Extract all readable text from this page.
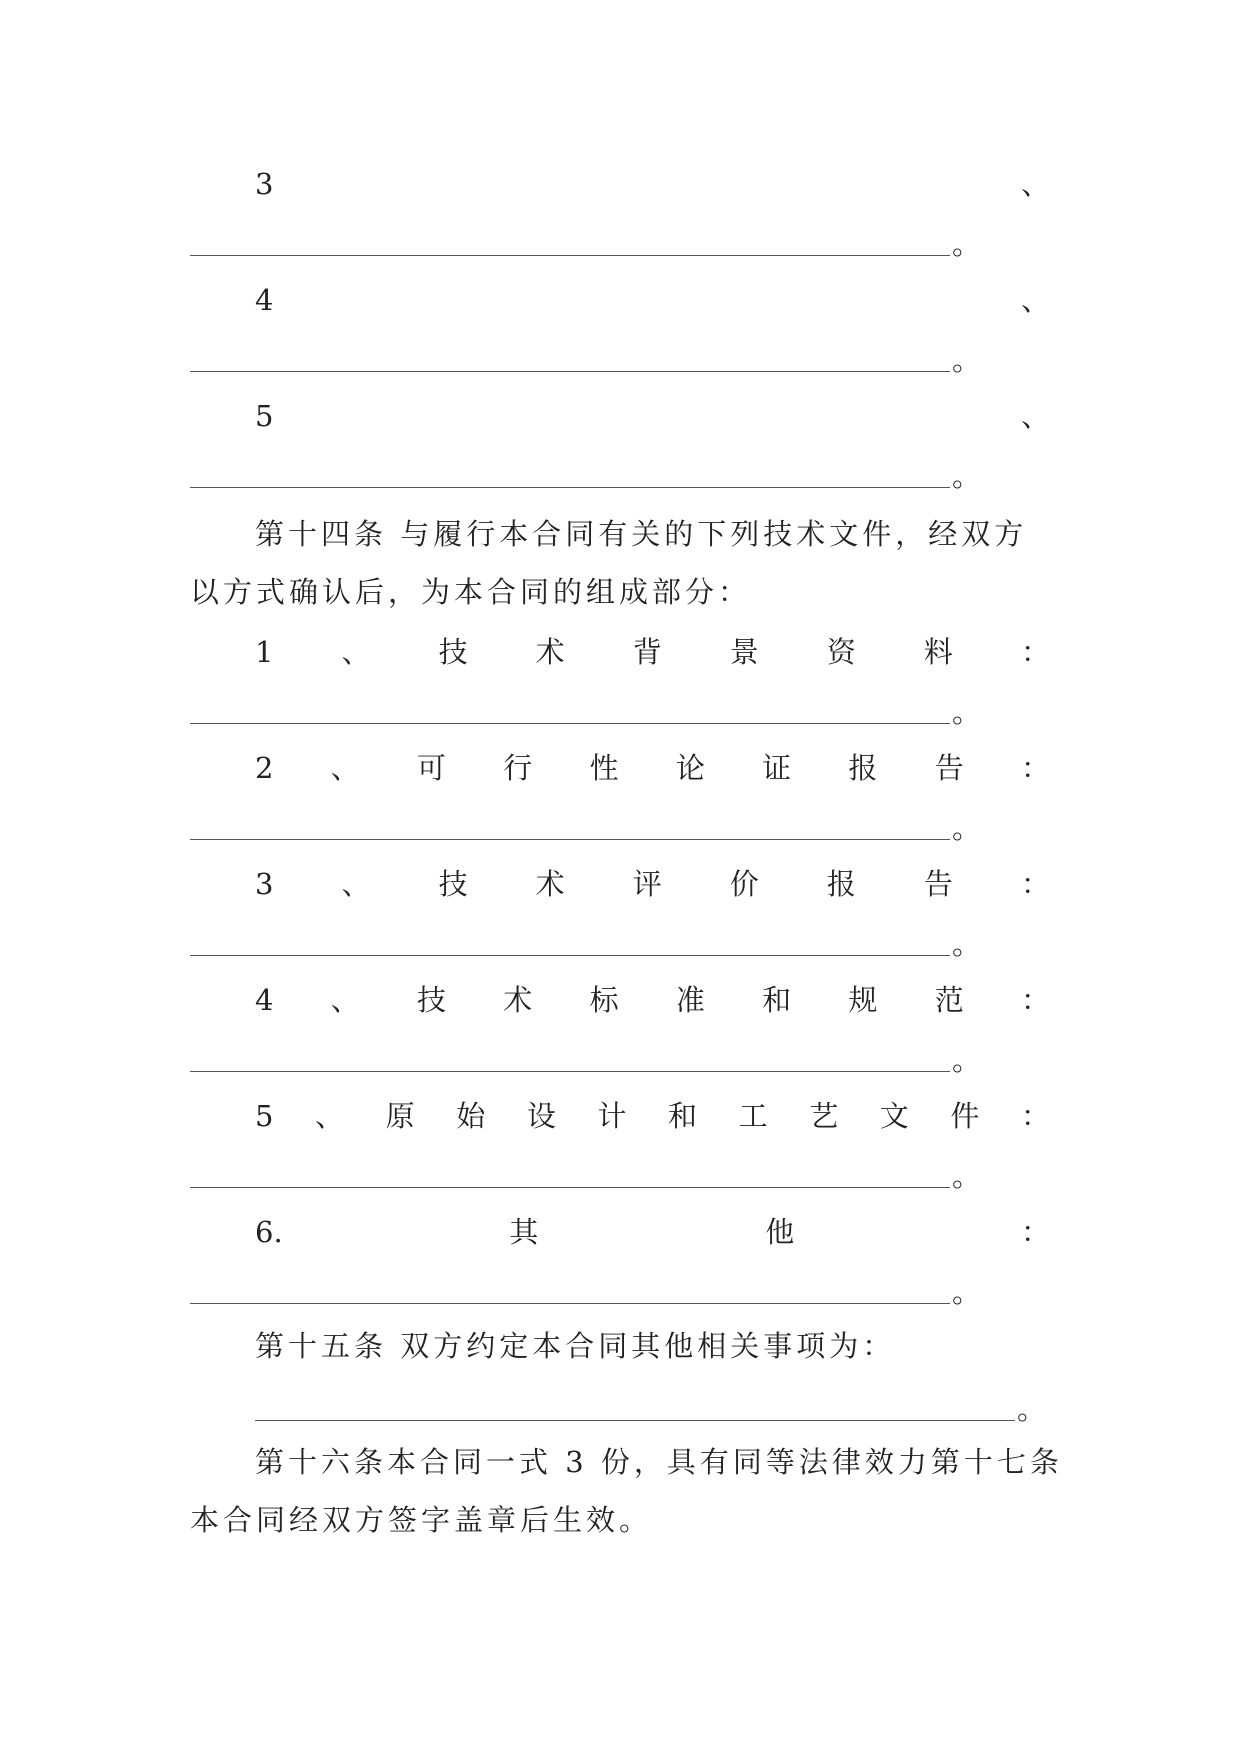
3	、
。
4	、
。
5	、
。
第十四条 与履行本合同有关的下列技术文件，经双方
以方式确认后，为本合同的组成部分：
1 、 技 术 背 景 资 料 ：
。
2 、 可 行 性 论 证 报 告 ：
。
3 、 技 术 评 价 报 告 ：
。
4 、 技 术 标 准 和 规 范 ：
。
5 、 原 始 设 计 和 工 艺 文 件 ：
。
6.	其	他	：
。
第十五条 双方约定本合同其他相关事项为：
。
第十六条本合同一式 3 份，具有同等法律效力第十七条
本合同经双方签字盖章后生效。
